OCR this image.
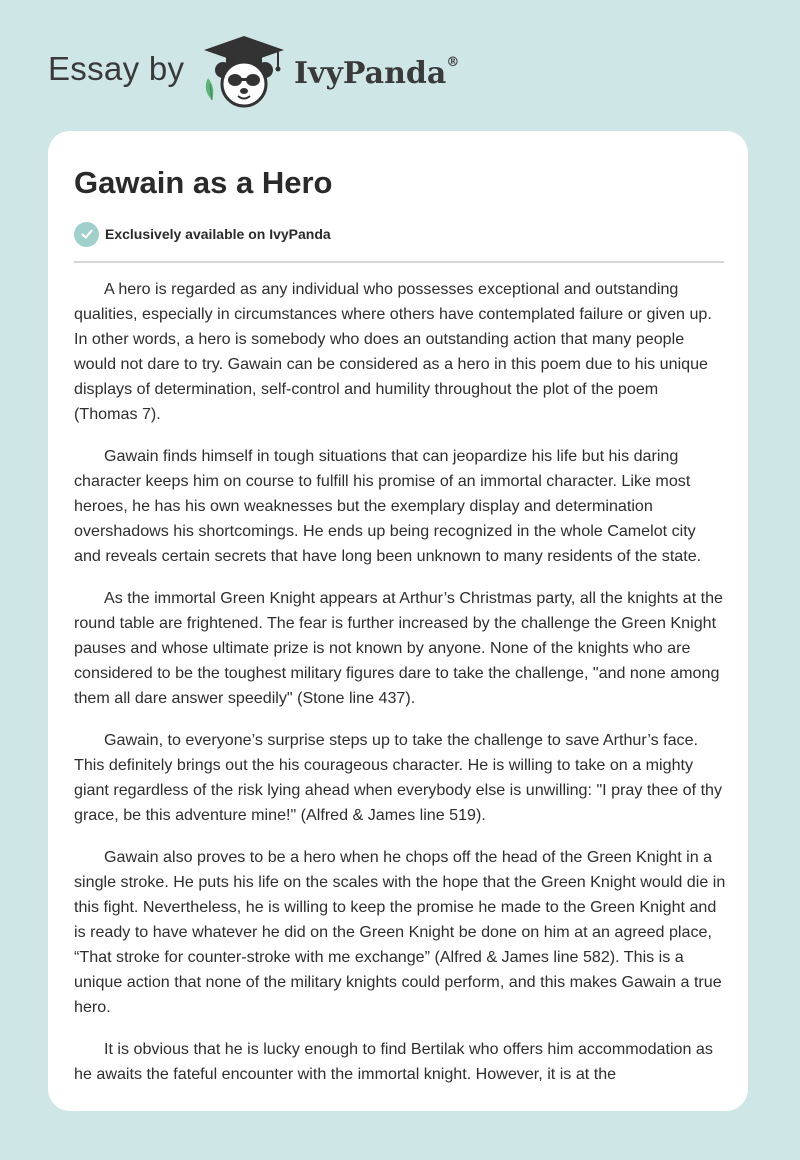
Essay by	IvyPanda®
Gawain as a Hero
Exclusively available on IvyPanda

A hero is regarded as any individual who possesses exceptional and outstanding qualities, especially in circumstances where others have contemplated failure or given up. In other words, a hero is somebody who does an outstanding action that many people would not dare to try. Gawain can be considered as a hero in this poem due to his unique displays of determination, self-control and humility throughout the plot of the poem (Thomas 7).

Gawain finds himself in tough situations that can jeopardize his life but his daring character keeps him on course to fulfill his promise of an immortal character. Like most heroes, he has his own weaknesses but the exemplary display and determination overshadows his shortcomings. He ends up being recognized in the whole Camelot city and reveals certain secrets that have long been unknown to many residents of the state.

As the immortal Green Knight appears at Arthur’s Christmas party, all the knights at the round table are frightened. The fear is further increased by the challenge the Green Knight pauses and whose ultimate prize is not known by anyone. None of the knights who are considered to be the toughest military figures dare to take the challenge, "and none among them all dare answer speedily" (Stone line 437).

Gawain, to everyone’s surprise steps up to take the challenge to save Arthur’s face. This definitely brings out the his courageous character. He is willing to take on a mighty giant regardless of the risk lying ahead when everybody else is unwilling: "I pray thee of thy grace, be this adventure mine!" (Alfred & James line 519).

Gawain also proves to be a hero when he chops off the head of the Green Knight in a single stroke. He puts his life on the scales with the hope that the Green Knight would die in this fight. Nevertheless, he is willing to keep the promise he made to the Green Knight and is ready to have whatever he did on the Green Knight be done on him at an agreed place, “That stroke for counter-stroke with me exchange” (Alfred & James line 582). This is a unique action that none of the military knights could perform, and this makes Gawain a true hero.

It is obvious that he is lucky enough to find Bertilak who offers him accommodation as he awaits the fateful encounter with the immortal knight. However, it is at the
